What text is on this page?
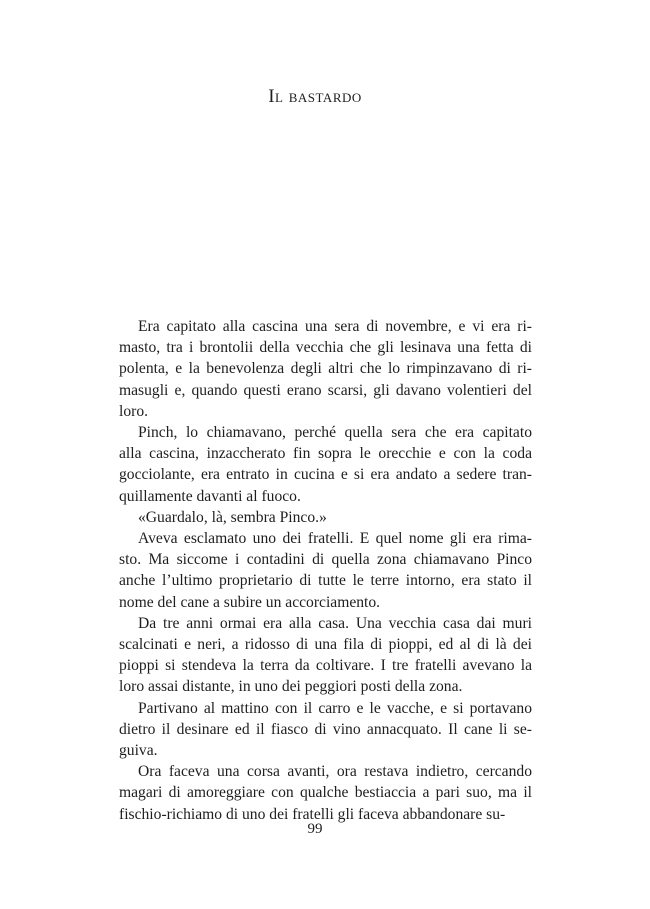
Il bastardo

Era capitato alla cascina una sera di novembre, e vi era ri-
masto, tra i brontolii della vecchia che gli lesinava una fetta di
polenta, e la benevolenza degli altri che lo rimpinzavano di ri-
masugli e, quando questi erano scarsi, gli davano volentieri del
loro.

Pinch, lo chiamavano, perché quella sera che era capitato
alla cascina, inzaccherato fin sopra le orecchie e con la coda
gocciolante, era entrato in cucina e si era andato a sedere tran-
quillamente davanti al fuoco.

«Guardalo, là, sembra Pinco.»

Aveva esclamato uno dei fratelli. E quel nome gli era rima-
sto. Ma siccome i contadini di quella zona chiamavano Pinco
anche l’ultimo proprietario di tutte le terre intorno, era stato il
nome del cane a subire un accorciamento.

Da tre anni ormai era alla casa. Una vecchia casa dai muri
scalcinati e neri, a ridosso di una fila di pioppi, ed al di là dei
pioppi si stendeva la terra da coltivare. I tre fratelli avevano la
loro assai distante, in uno dei peggiori posti della zona.

Partivano al mattino con il carro e le vacche, e si portavano
dietro il desinare ed il fiasco di vino annacquato. Il cane li se-
guiva.

Ora faceva una corsa avanti, ora restava indietro, cercando
magari di amoreggiare con qualche bestiaccia a pari suo, ma il
fischio-richiamo di uno dei fratelli gli faceva abbandonare su-

99
